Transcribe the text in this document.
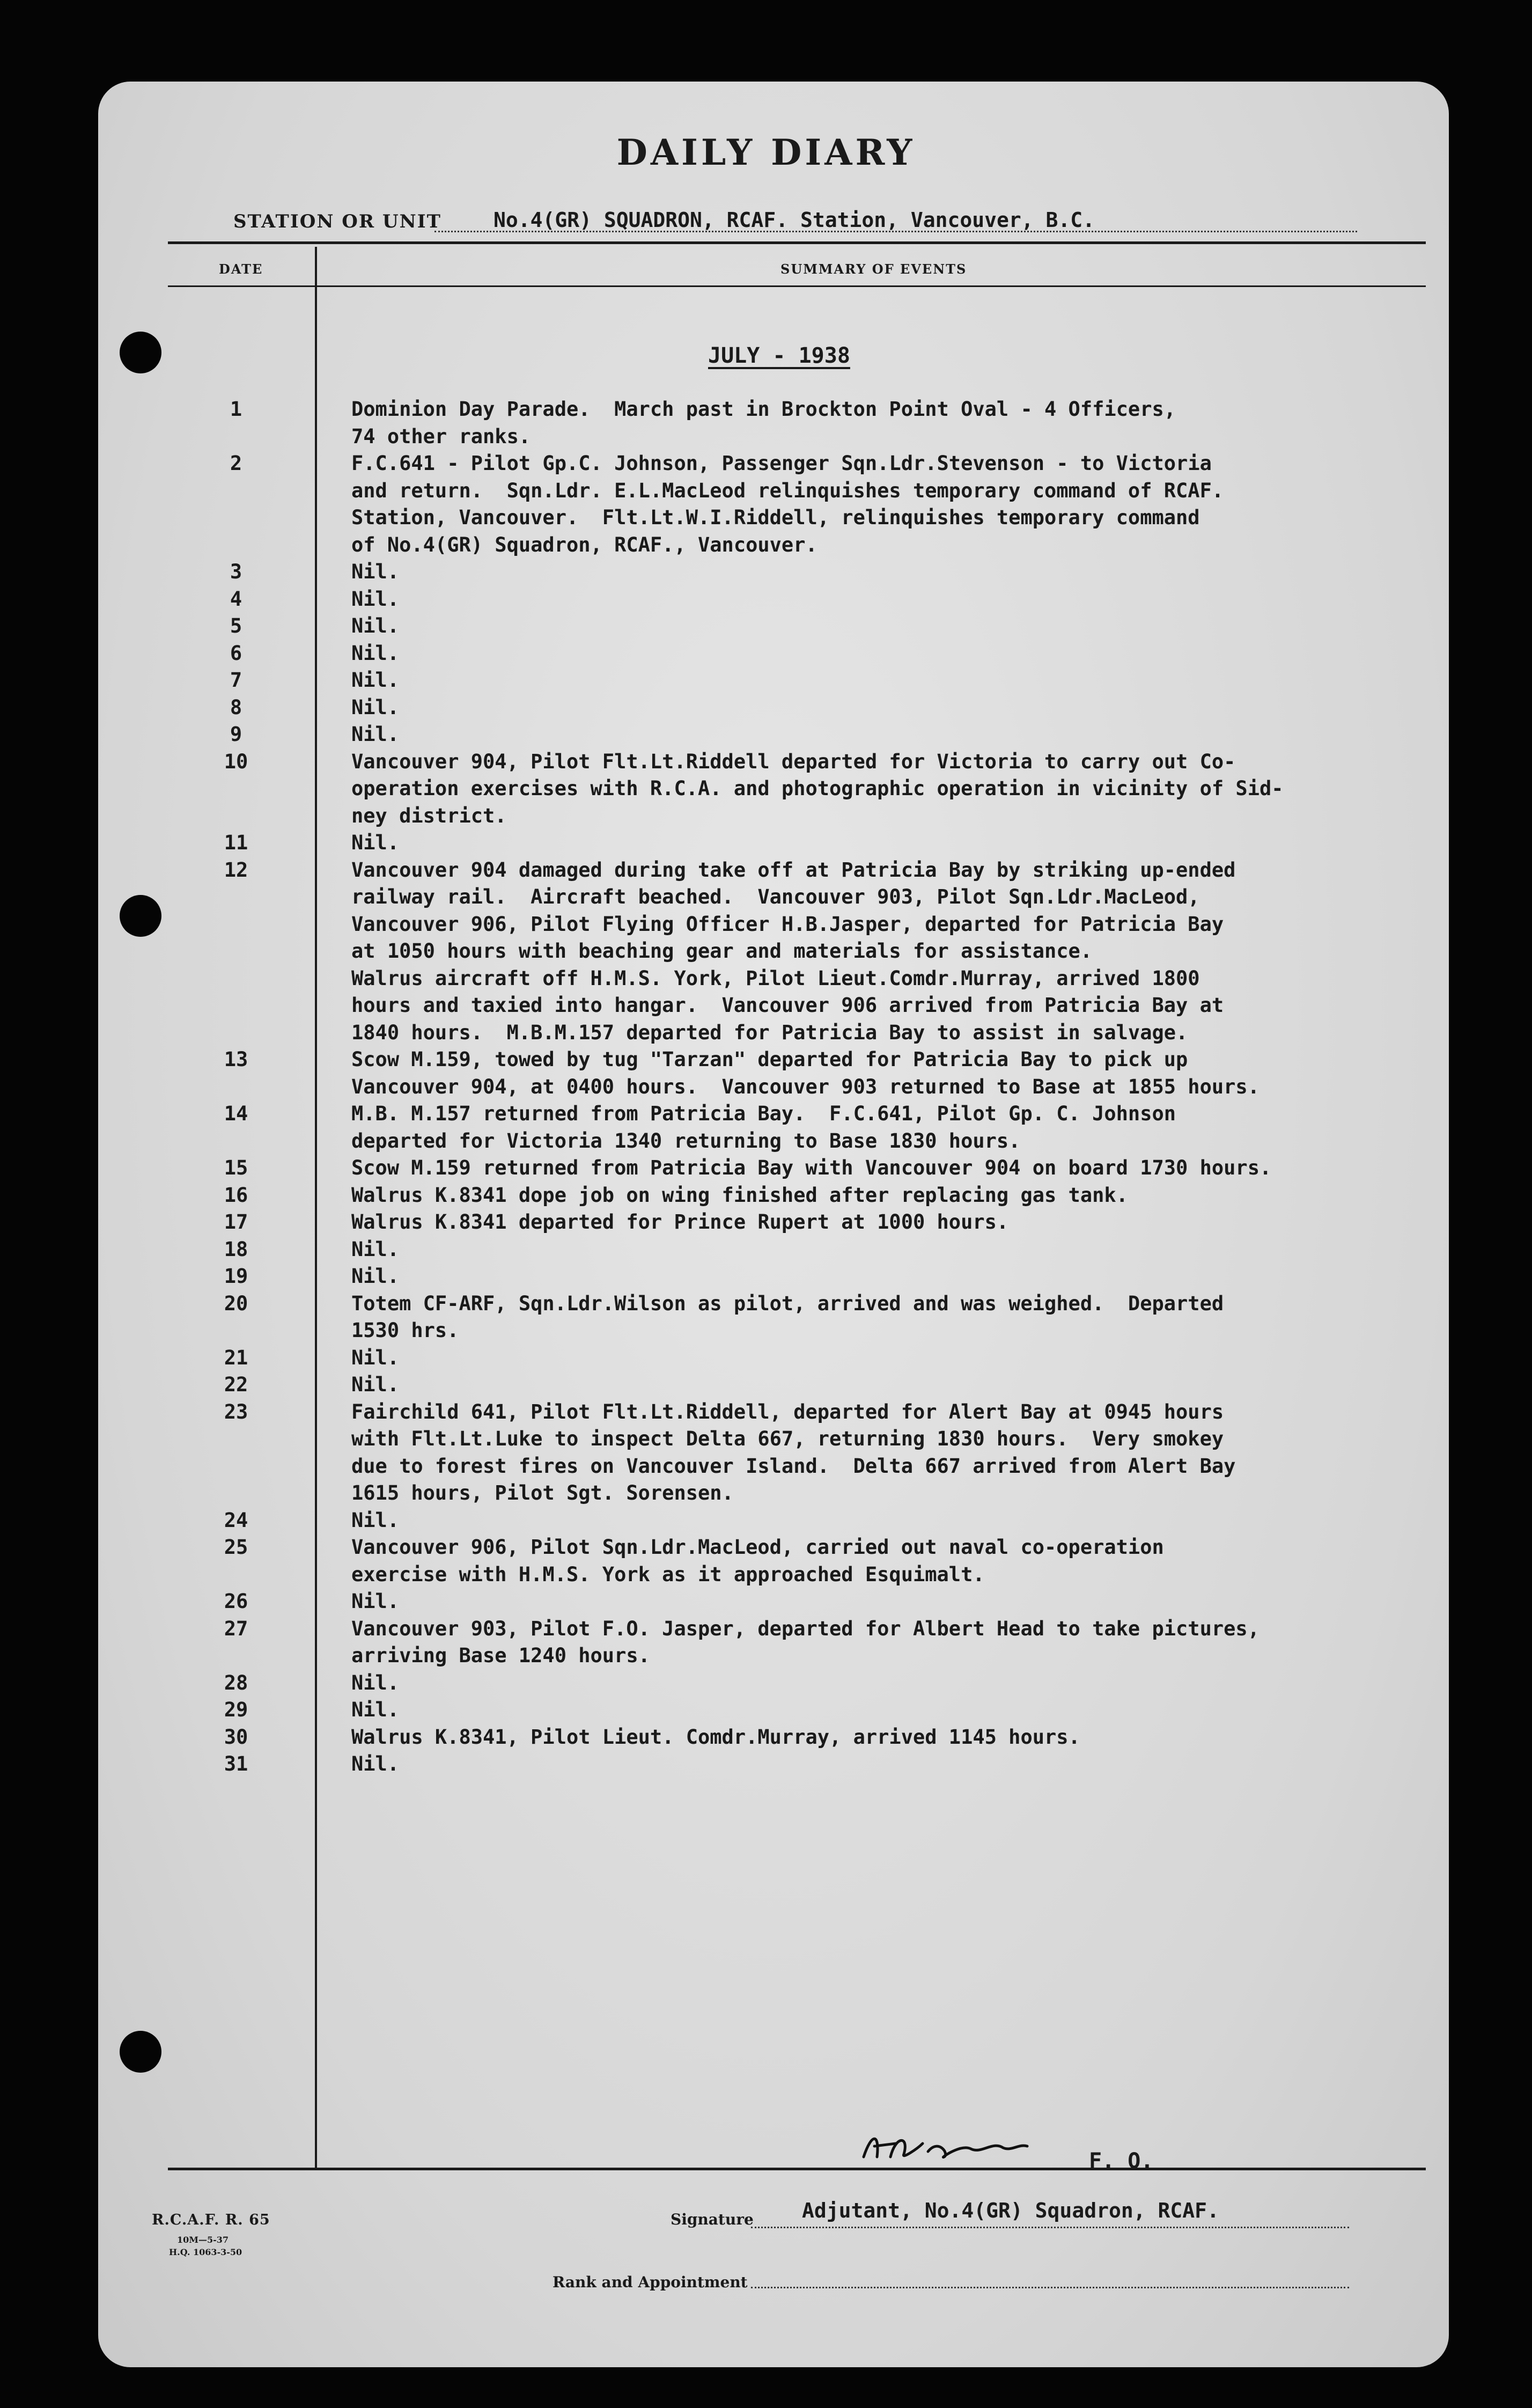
DAILY DIARY
STATION OR UNIT	No.4(GR) SQUADRON, RCAF. Station, Vancouver, B.C.
DATE	SUMMARY OF EVENTS
JULY - 1938
1	Dominion Day Parade.  March past in Brockton Point Oval - 4 Officers,
74 other ranks.
2	F.C.641 - Pilot Gp.C. Johnson, Passenger Sqn.Ldr.Stevenson - to Victoria
and return.  Sqn.Ldr. E.L.MacLeod relinquishes temporary command of RCAF.
Station, Vancouver.  Flt.Lt.W.I.Riddell, relinquishes temporary command
of No.4(GR) Squadron, RCAF., Vancouver.
3	Nil.
4	Nil.
5	Nil.
6	Nil.
7	Nil.
8	Nil.
9	Nil.
10	Vancouver 904, Pilot Flt.Lt.Riddell departed for Victoria to carry out Co-
operation exercises with R.C.A. and photographic operation in vicinity of Sid-
ney district.
11	Nil.
12	Vancouver 904 damaged during take off at Patricia Bay by striking up-ended
railway rail.  Aircraft beached.  Vancouver 903, Pilot Sqn.Ldr.MacLeod,
Vancouver 906, Pilot Flying Officer H.B.Jasper, departed for Patricia Bay
at 1050 hours with beaching gear and materials for assistance.
Walrus aircraft off H.M.S. York, Pilot Lieut.Comdr.Murray, arrived 1800
hours and taxied into hangar.  Vancouver 906 arrived from Patricia Bay at
1840 hours.  M.B.M.157 departed for Patricia Bay to assist in salvage.
13	Scow M.159, towed by tug "Tarzan" departed for Patricia Bay to pick up
Vancouver 904, at 0400 hours.  Vancouver 903 returned to Base at 1855 hours.
14	M.B. M.157 returned from Patricia Bay.  F.C.641, Pilot Gp. C. Johnson
departed for Victoria 1340 returning to Base 1830 hours.
15	Scow M.159 returned from Patricia Bay with Vancouver 904 on board 1730 hours.
16	Walrus K.8341 dope job on wing finished after replacing gas tank.
17	Walrus K.8341 departed for Prince Rupert at 1000 hours.
18	Nil.
19	Nil.
20	Totem CF-ARF, Sqn.Ldr.Wilson as pilot, arrived and was weighed.  Departed
1530 hrs.
21	Nil.
22	Nil.
23	Fairchild 641, Pilot Flt.Lt.Riddell, departed for Alert Bay at 0945 hours
with Flt.Lt.Luke to inspect Delta 667, returning 1830 hours.  Very smokey
due to forest fires on Vancouver Island.  Delta 667 arrived from Alert Bay
1615 hours, Pilot Sgt. Sorensen.
24	Nil.
25	Vancouver 906, Pilot Sqn.Ldr.MacLeod, carried out naval co-operation
exercise with H.M.S. York as it approached Esquimalt.
26	Nil.
27	Vancouver 903, Pilot F.O. Jasper, departed for Albert Head to take pictures,
arriving Base 1240 hours.
28	Nil.
29	Nil.
30	Walrus K.8341, Pilot Lieut. Comdr.Murray, arrived 1145 hours.
31	Nil.
F. O.
Signature Adjutant, No.4(GR) Squadron, RCAF.
Rank and Appointment
R.C.A.F. R. 65
10M—5-37
H.Q. 1063-3-50
